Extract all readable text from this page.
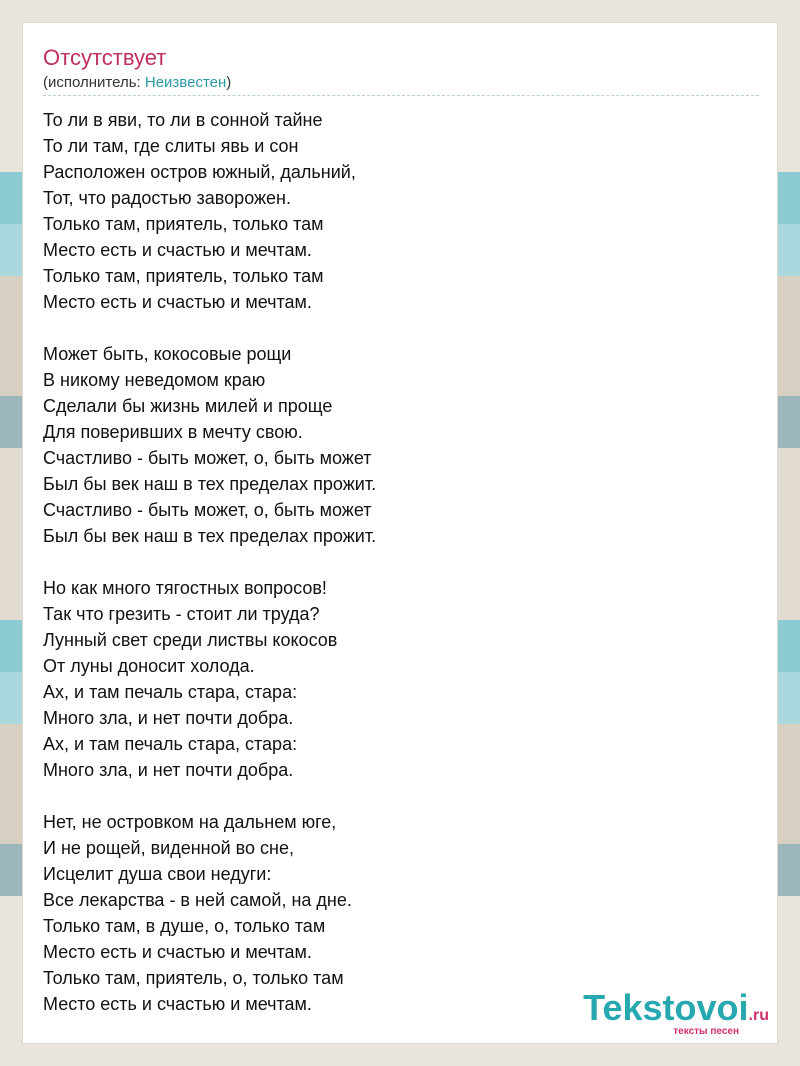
Отсутствует
(исполнитель: Неизвестен)
То ли в яви, то ли в сонной тайне
То ли там, где слиты явь и сон
Расположен остров южный, дальний,
Тот, что радостью заворожен.
Только там, приятель, только там
Место есть и счастью и мечтам.
Только там, приятель, только там
Место есть и счастью и мечтам.
Может быть, кокосовые рощи
В никому неведомом краю
Сделали бы жизнь милей и проще
Для поверивших в мечту свою.
Счастливо - быть может, о, быть может
Был бы век наш в тех пределах прожит.
Счастливо - быть может, о, быть может
Был бы век наш в тех пределах прожит.
Но как много тягостных вопросов!
Так что грезить - стоит ли труда?
Лунный свет среди листвы кокосов
От луны доносит холода.
Ах, и там печаль стара, стара:
Много зла, и нет почти добра.
Ах, и там печаль стара, стара:
Много зла, и нет почти добра.
Нет, не островком на дальнем юге,
И не рощей, виденной во сне,
Исцелит душа свои недуги:
Все лекарства - в ней самой, на дне.
Только там, в душе, о, только там
Место есть и счастью и мечтам.
Только там, приятель, о, только там
Место есть и счастью и мечтам.	Tekstovoi.ru
тексты песен
